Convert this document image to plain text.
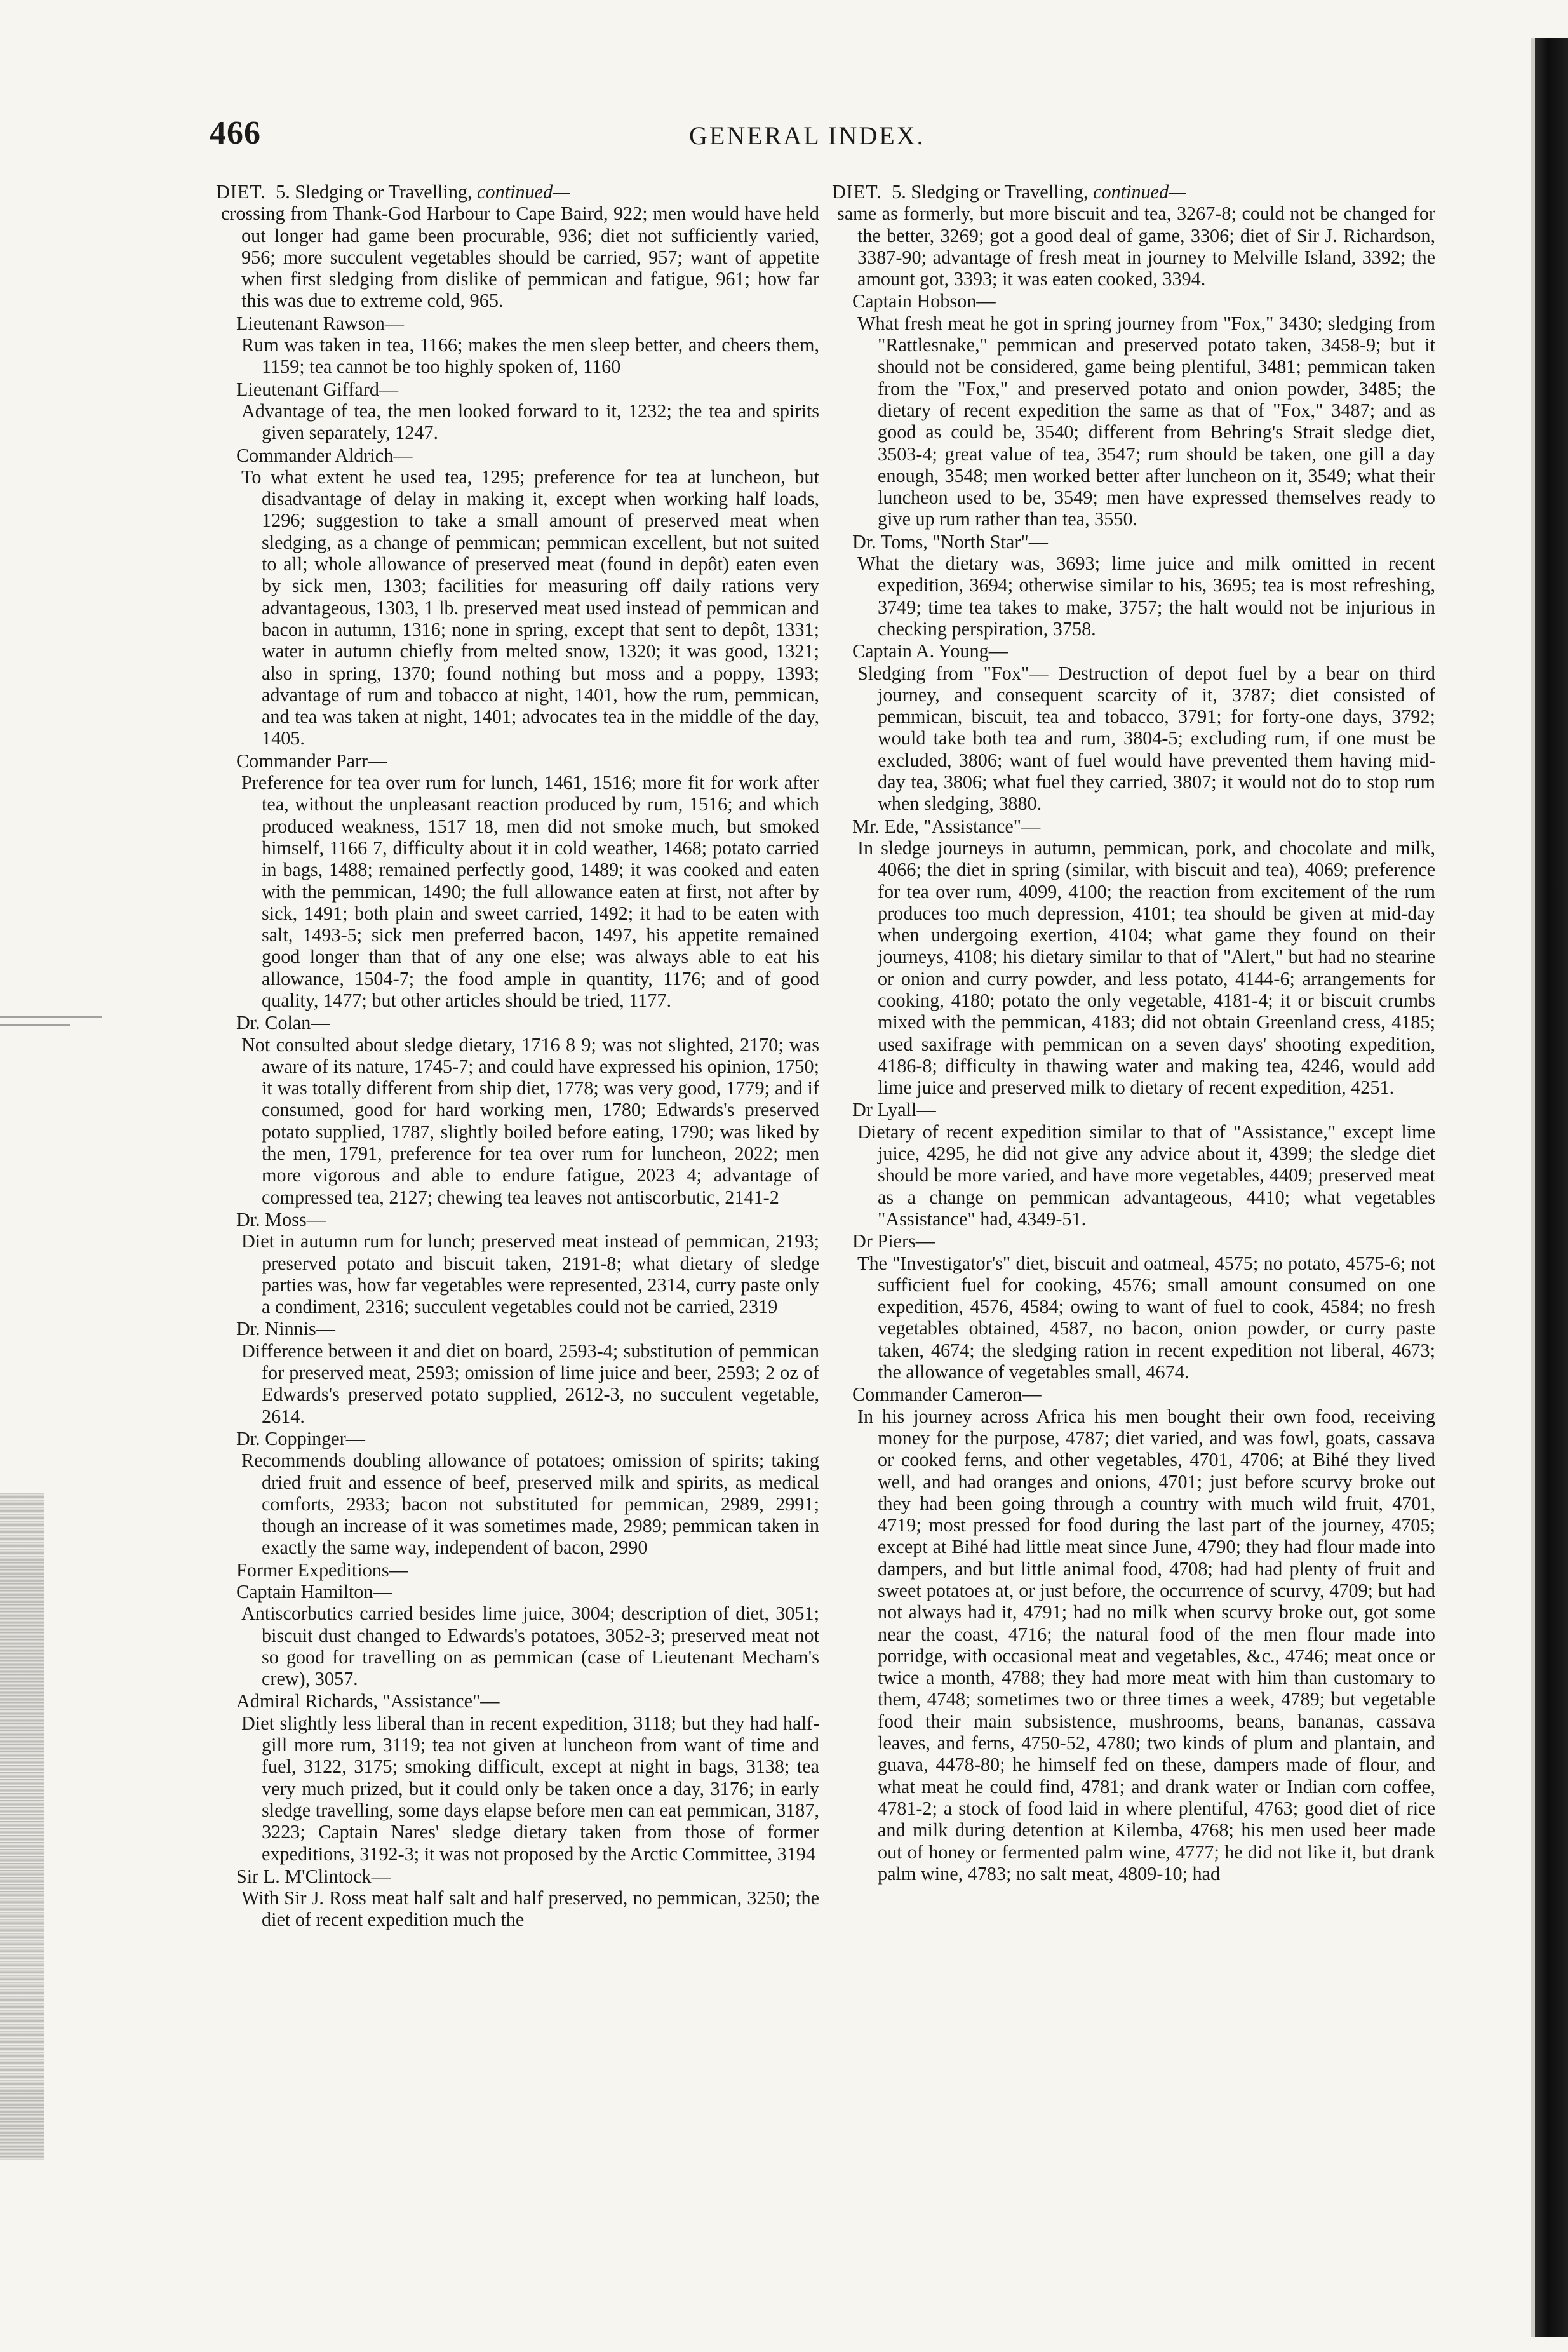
466	GENERAL INDEX.
DIET. 5. Sledging or Travelling, continued—
crossing from Thank-God Harbour to Cape Baird, 922; men would have held out longer had game been procurable, 936; diet not sufficiently varied, 956; more succulent vegetables should be carried, 957; want of appetite when first sledging from dislike of pemmican and fatigue, 961; how far this was due to extreme cold, 965.
Lieutenant Rawson—
Rum was taken in tea, 1166; makes the men sleep better, and cheers them, 1159; tea cannot be too highly spoken of, 1160
Lieutenant Giffard—
Advantage of tea, the men looked forward to it, 1232; the tea and spirits given separately, 1247.
Commander Aldrich—
To what extent he used tea, 1295; preference for tea at luncheon, but disadvantage of delay in making it, except when working half loads, 1296; suggestion to take a small amount of preserved meat when sledging, as a change of pemmican; pemmican excellent, but not suited to all; whole allowance of preserved meat (found in depôt) eaten even by sick men, 1303; facilities for measuring off daily rations very advantageous, 1303, 1 lb. preserved meat used instead of pemmican and bacon in autumn, 1316; none in spring, except that sent to depôt, 1331; water in autumn chiefly from melted snow, 1320; it was good, 1321; also in spring, 1370; found nothing but moss and a poppy, 1393; advantage of rum and tobacco at night, 1401, how the rum, pemmican, and tea was taken at night, 1401; advocates tea in the middle of the day, 1405.
Commander Parr—
Preference for tea over rum for lunch, 1461, 1516; more fit for work after tea, without the unpleasant reaction produced by rum, 1516; and which produced weakness, 1517 18, men did not smoke much, but smoked himself, 1166 7, difficulty about it in cold weather, 1468; potato carried in bags, 1488; remained perfectly good, 1489; it was cooked and eaten with the pemmican, 1490; the full allowance eaten at first, not after by sick, 1491; both plain and sweet carried, 1492; it had to be eaten with salt, 1493-5; sick men preferred bacon, 1497, his appetite remained good longer than that of any one else; was always able to eat his allowance, 1504-7; the food ample in quantity, 1176; and of good quality, 1477; but other articles should be tried, 1177.
Dr. Colan—
Not consulted about sledge dietary, 1716 8 9; was not slighted, 2170; was aware of its nature, 1745-7; and could have expressed his opinion, 1750; it was totally different from ship diet, 1778; was very good, 1779; and if consumed, good for hard working men, 1780; Edwards's preserved potato supplied, 1787, slightly boiled before eating, 1790; was liked by the men, 1791, preference for tea over rum for luncheon, 2022; men more vigorous and able to endure fatigue, 2023 4; advantage of compressed tea, 2127; chewing tea leaves not antiscorbutic, 2141-2
Dr. Moss—
Diet in autumn rum for lunch; preserved meat instead of pemmican, 2193; preserved potato and biscuit taken, 2191-8; what dietary of sledge parties was, how far vegetables were represented, 2314, curry paste only a condiment, 2316; succulent vegetables could not be carried, 2319
Dr. Ninnis—
Difference between it and diet on board, 2593-4; substitution of pemmican for preserved meat, 2593; omission of lime juice and beer, 2593; 2 oz of Edwards's preserved potato supplied, 2612-3, no succulent vegetable, 2614.
Dr. Coppinger—
Recommends doubling allowance of potatoes; omission of spirits; taking dried fruit and essence of beef, preserved milk and spirits, as medical comforts, 2933; bacon not substituted for pemmican, 2989, 2991; though an increase of it was sometimes made, 2989; pemmican taken in exactly the same way, independent of bacon, 2990
Former Expeditions—
Captain Hamilton—
Antiscorbutics carried besides lime juice, 3004; description of diet, 3051; biscuit dust changed to Edwards's potatoes, 3052-3; preserved meat not so good for travelling on as pemmican (case of Lieutenant Mecham's crew), 3057.
Admiral Richards, "Assistance"—
Diet slightly less liberal than in recent expedition, 3118; but they had half-gill more rum, 3119; tea not given at luncheon from want of time and fuel, 3122, 3175; smoking difficult, except at night in bags, 3138; tea very much prized, but it could only be taken once a day, 3176; in early sledge travelling, some days elapse before men can eat pemmican, 3187, 3223; Captain Nares' sledge dietary taken from those of former expeditions, 3192-3; it was not proposed by the Arctic Committee, 3194
Sir L. M'Clintock—
With Sir J. Ross meat half salt and half preserved, no pemmican, 3250; the diet of recent expedition much the
DIET. 5. Sledging or Travelling, continued—
same as formerly, but more biscuit and tea, 3267-8; could not be changed for the better, 3269; got a good deal of game, 3306; diet of Sir J. Richardson, 3387-90; advantage of fresh meat in journey to Melville Island, 3392; the amount got, 3393; it was eaten cooked, 3394.
Captain Hobson—
What fresh meat he got in spring journey from "Fox," 3430; sledging from "Rattlesnake," pemmican and preserved potato taken, 3458-9; but it should not be considered, game being plentiful, 3481; pemmican taken from the "Fox," and preserved potato and onion powder, 3485; the dietary of recent expedition the same as that of "Fox," 3487; and as good as could be, 3540; different from Behring's Strait sledge diet, 3503-4; great value of tea, 3547; rum should be taken, one gill a day enough, 3548; men worked better after luncheon on it, 3549; what their luncheon used to be, 3549; men have expressed themselves ready to give up rum rather than tea, 3550.
Dr. Toms, "North Star"—
What the dietary was, 3693; lime juice and milk omitted in recent expedition, 3694; otherwise similar to his, 3695; tea is most refreshing, 3749; time tea takes to make, 3757; the halt would not be injurious in checking perspiration, 3758.
Captain A. Young—
Sledging from "Fox"— Destruction of depot fuel by a bear on third journey, and consequent scarcity of it, 3787; diet consisted of pemmican, biscuit, tea and tobacco, 3791; for forty-one days, 3792; would take both tea and rum, 3804-5; excluding rum, if one must be excluded, 3806; want of fuel would have prevented them having mid-day tea, 3806; what fuel they carried, 3807; it would not do to stop rum when sledging, 3880.
Mr. Ede, "Assistance"—
In sledge journeys in autumn, pemmican, pork, and chocolate and milk, 4066; the diet in spring (similar, with biscuit and tea), 4069; preference for tea over rum, 4099, 4100; the reaction from excitement of the rum produces too much depression, 4101; tea should be given at mid-day when undergoing exertion, 4104; what game they found on their journeys, 4108; his dietary similar to that of "Alert," but had no stearine or onion and curry powder, and less potato, 4144-6; arrangements for cooking, 4180; potato the only vegetable, 4181-4; it or biscuit crumbs mixed with the pemmican, 4183; did not obtain Greenland cress, 4185; used saxifrage with pemmican on a seven days' shooting expedition, 4186-8; difficulty in thawing water and making tea, 4246, would add lime juice and preserved milk to dietary of recent expedition, 4251.
Dr Lyall—
Dietary of recent expedition similar to that of "Assistance," except lime juice, 4295, he did not give any advice about it, 4399; the sledge diet should be more varied, and have more vegetables, 4409; preserved meat as a change on pemmican advantageous, 4410; what vegetables "Assistance" had, 4349-51.
Dr Piers—
The "Investigator's" diet, biscuit and oatmeal, 4575; no potato, 4575-6; not sufficient fuel for cooking, 4576; small amount consumed on one expedition, 4576, 4584; owing to want of fuel to cook, 4584; no fresh vegetables obtained, 4587, no bacon, onion powder, or curry paste taken, 4674; the sledging ration in recent expedition not liberal, 4673; the allowance of vegetables small, 4674.
Commander Cameron—
In his journey across Africa his men bought their own food, receiving money for the purpose, 4787; diet varied, and was fowl, goats, cassava or cooked ferns, and other vegetables, 4701, 4706; at Bihé they lived well, and had oranges and onions, 4701; just before scurvy broke out they had been going through a country with much wild fruit, 4701, 4719; most pressed for food during the last part of the journey, 4705; except at Bihé had little meat since June, 4790; they had flour made into dampers, and but little animal food, 4708; had had plenty of fruit and sweet potatoes at, or just before, the occurrence of scurvy, 4709; but had not always had it, 4791; had no milk when scurvy broke out, got some near the coast, 4716; the natural food of the men flour made into porridge, with occasional meat and vegetables, &c., 4746; meat once or twice a month, 4788; they had more meat with him than customary to them, 4748; sometimes two or three times a week, 4789; but vegetable food their main subsistence, mushrooms, beans, bananas, cassava leaves, and ferns, 4750-52, 4780; two kinds of plum and plantain, and guava, 4478-80; he himself fed on these, dampers made of flour, and what meat he could find, 4781; and drank water or Indian corn coffee, 4781-2; a stock of food laid in where plentiful, 4763; good diet of rice and milk during detention at Kilemba, 4768; his men used beer made out of honey or fermented palm wine, 4777; he did not like it, but drank palm wine, 4783; no salt meat, 4809-10; had
